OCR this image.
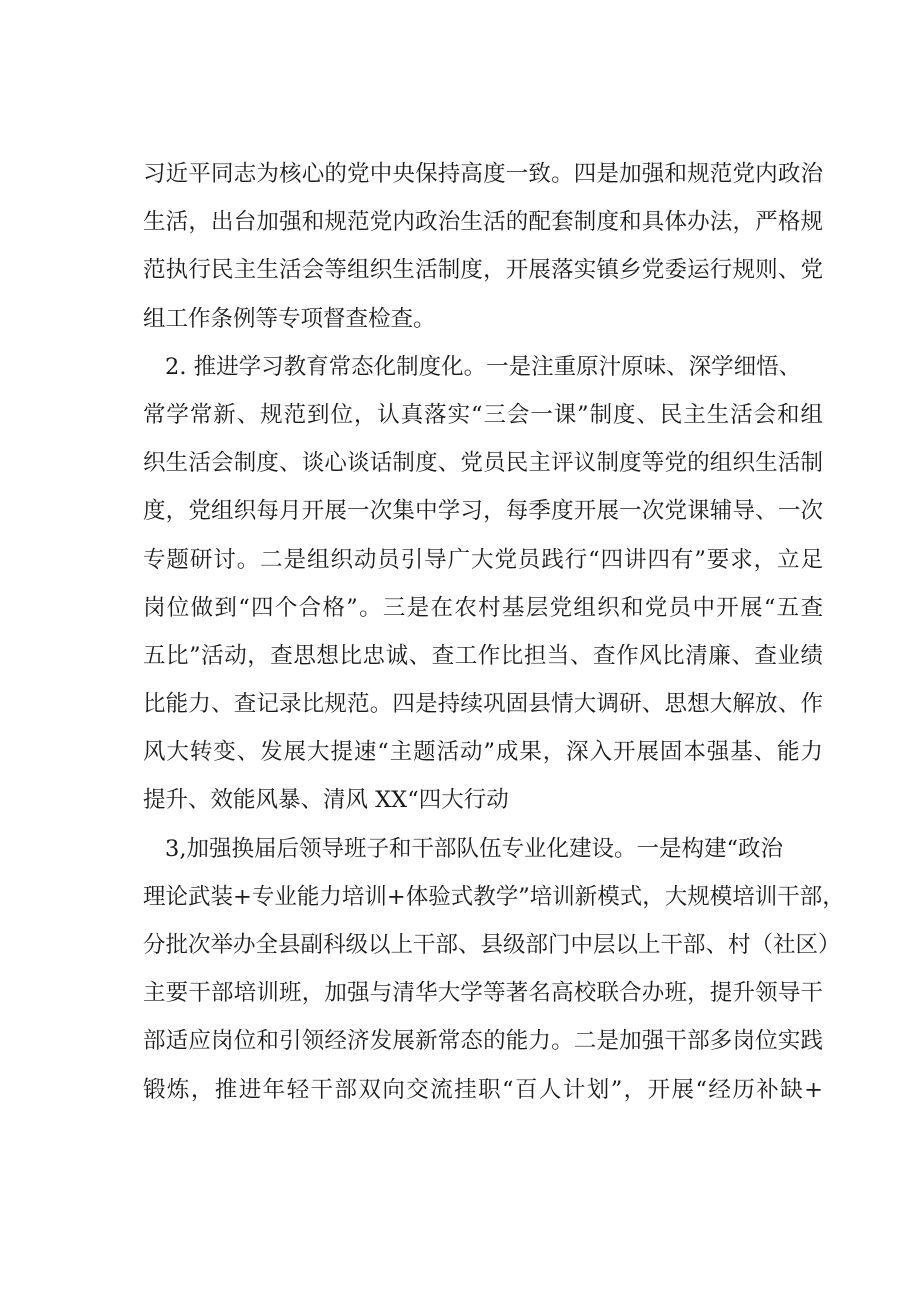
习近平同志为核心的党中央保持高度一致。四是加强和规范党内政治
生活，出台加强和规范党内政治生活的配套制度和具体办法，严格规
范执行民主生活会等组织生活制度，开展落实镇乡党委运行规则、党
组工作条例等专项督查检查。
2. 推进学习教育常态化制度化。一是注重原汁原味、深学细悟、
常学常新、规范到位，认真落实“三会一课”制度、民主生活会和组
织生活会制度、谈心谈话制度、党员民主评议制度等党的组织生活制
度，党组织每月开展一次集中学习，每季度开展一次党课辅导、一次
专题研讨。二是组织动员引导广大党员践行“四讲四有”要求，立足
岗位做到“四个合格”。三是在农村基层党组织和党员中开展“五查
五比”活动，查思想比忠诚、查工作比担当、查作风比清廉、查业绩
比能力、查记录比规范。四是持续巩固县情大调研、思想大解放、作
风大转变、发展大提速“主题活动”成果，深入开展固本强基、能力
提升、效能风暴、清风 XX“四大行动
3,加强换届后领导班子和干部队伍专业化建设。一是构建“政治
理论武装+专业能力培训+体验式教学”培训新模式，大规模培训干部，
分批次举办全县副科级以上干部、县级部门中层以上干部、村（社区）
主要干部培训班，加强与清华大学等著名高校联合办班，提升领导干
部适应岗位和引领经济发展新常态的能力。二是加强干部多岗位实践
锻炼，推进年轻干部双向交流挂职“百人计划”，开展“经历补缺+
